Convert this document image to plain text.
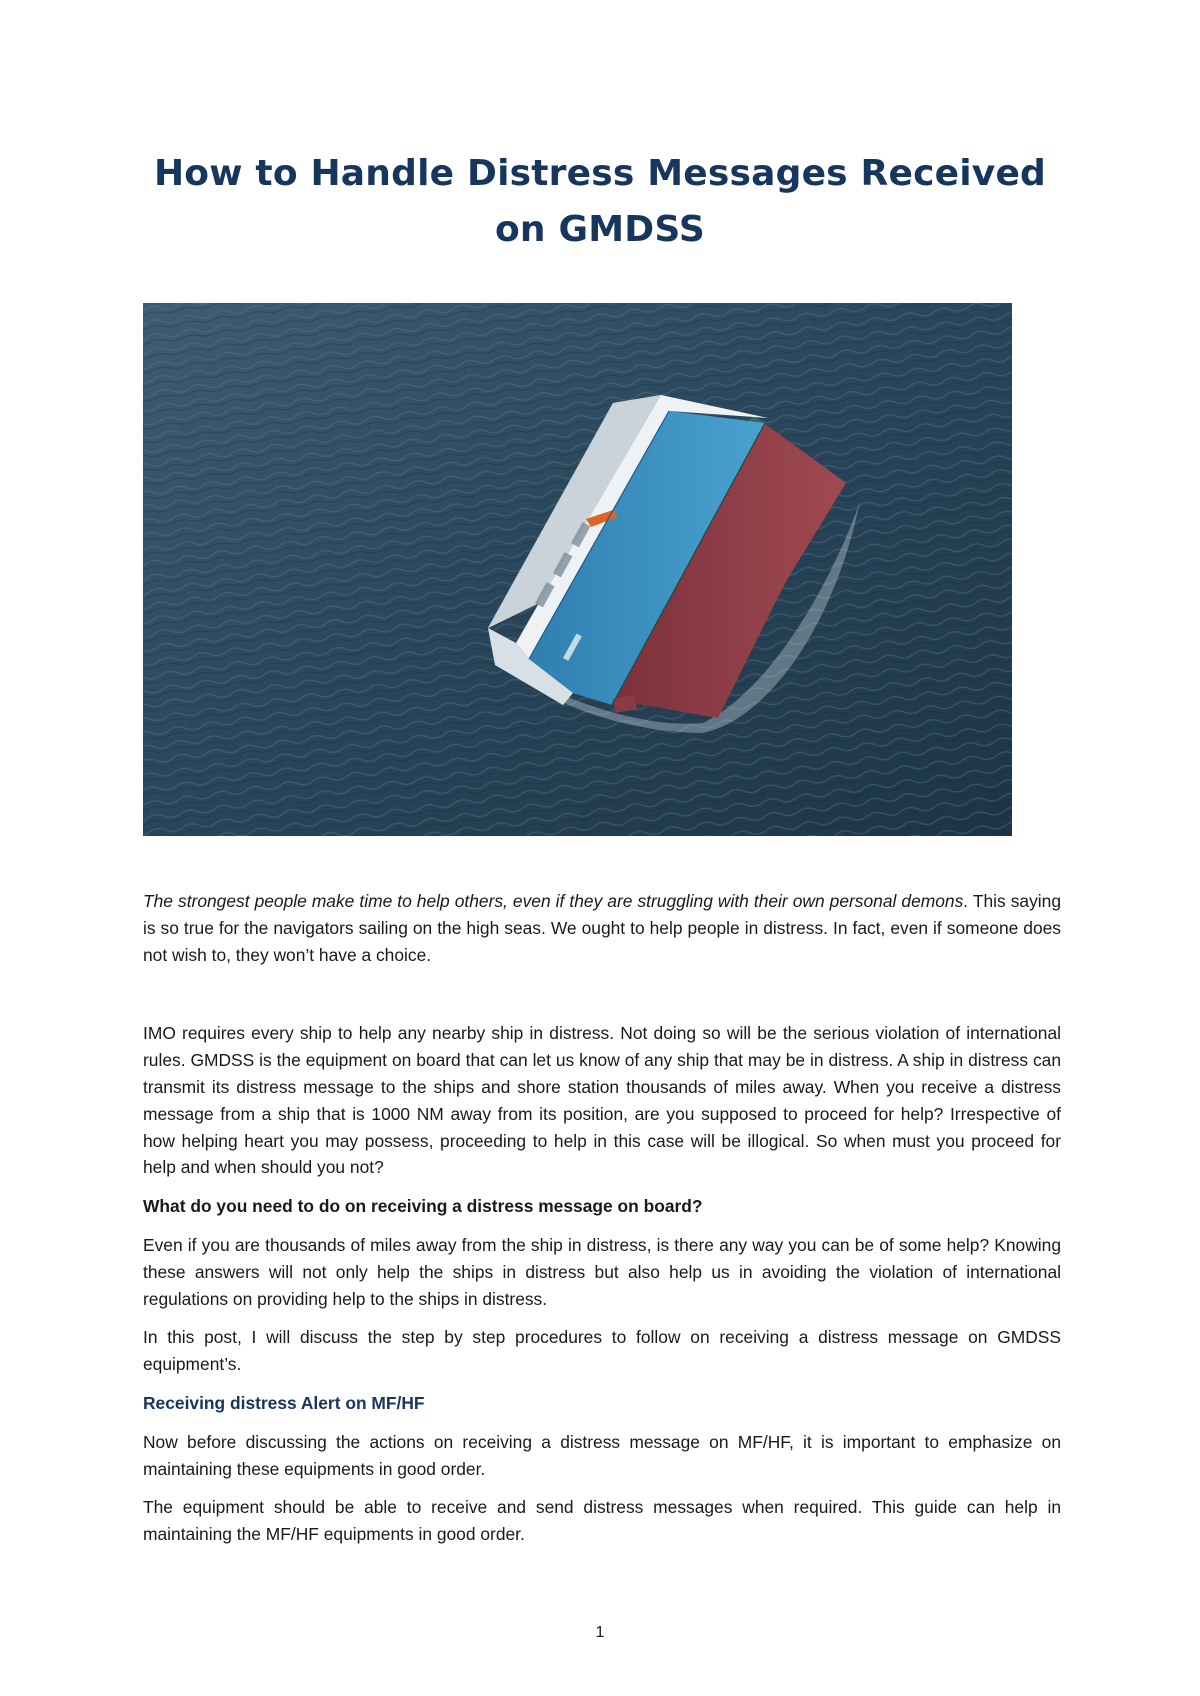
How to Handle Distress Messages Received on GMDSS

The strongest people make time to help others, even if they are struggling with their own personal demons. This saying is so true for the navigators sailing on the high seas. We ought to help people in distress. In fact, even if someone does not wish to, they won’t have a choice.

IMO requires every ship to help any nearby ship in distress. Not doing so will be the serious violation of international rules. GMDSS is the equipment on board that can let us know of any ship that may be in distress. A ship in distress can transmit its distress message to the ships and shore station thousands of miles away. When you receive a distress message from a ship that is 1000 NM away from its position, are you supposed to proceed for help? Irrespective of how helping heart you may possess, proceeding to help in this case will be illogical. So when must you proceed for help and when should you not?

What do you need to do on receiving a distress message on board?

Even if you are thousands of miles away from the ship in distress, is there any way you can be of some help? Knowing these answers will not only help the ships in distress but also help us in avoiding the violation of international regulations on providing help to the ships in distress.

In this post, I will discuss the step by step procedures to follow on receiving a distress message on GMDSS equipment’s.

Receiving distress Alert on MF/HF

Now before discussing the actions on receiving a distress message on MF/HF, it is important to emphasize on maintaining these equipments in good order.

The equipment should be able to receive and send distress messages when required. This guide can help in maintaining the MF/HF equipments in good order.

1
